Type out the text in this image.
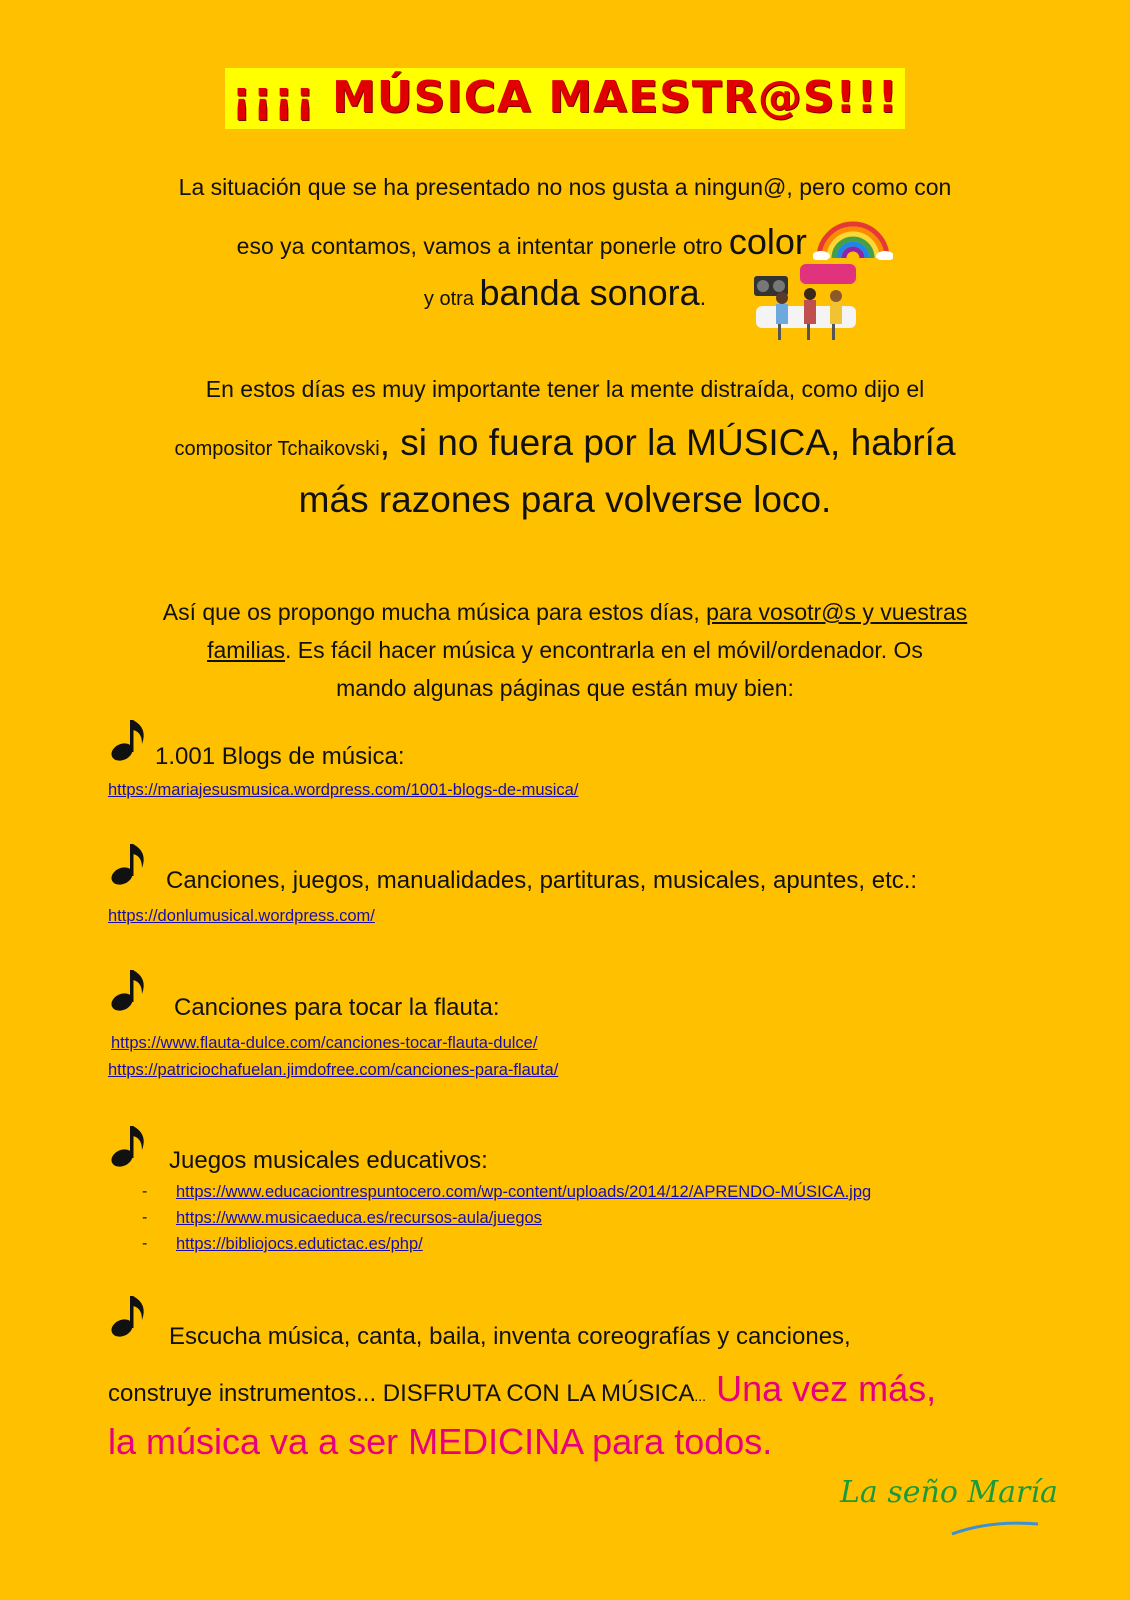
¡¡¡¡ MÚSICA MAESTR@S!!!
La situación que se ha presentado no nos gusta a ningun@, pero como con
eso ya contamos, vamos a intentar ponerle otro color
y otra banda sonora.
En estos días es muy importante tener la mente distraída, como dijo el
compositor Tchaikovski, si no fuera por la MÚSICA, habría
más razones para volverse loco.
Así que os propongo mucha música para estos días, para vosotr@s y vuestras
familias. Es fácil hacer música y encontrarla en el móvil/ordenador. Os
mando algunas páginas que están muy bien:
1.001 Blogs de música:
https://mariajesusmusica.wordpress.com/1001-blogs-de-musica/
Canciones, juegos, manualidades, partituras, musicales, apuntes, etc.:
https://donlumusical.wordpress.com/
Canciones para tocar la flauta:
https://www.flauta-dulce.com/canciones-tocar-flauta-dulce/
https://patriciochafuelan.jimdofree.com/canciones-para-flauta/
Juegos musicales educativos:
- https://www.educaciontrespuntocero.com/wp-content/uploads/2014/12/APRENDO-MÚSICA.jpg
- https://www.musicaeduca.es/recursos-aula/juegos
- https://bibliojocs.edutictac.es/php/
Escucha música, canta, baila, inventa coreografías y canciones,
construye instrumentos... DISFRUTA CON LA MÚSICA... Una vez más,
la música va a ser MEDICINA para todos.
La seño María
